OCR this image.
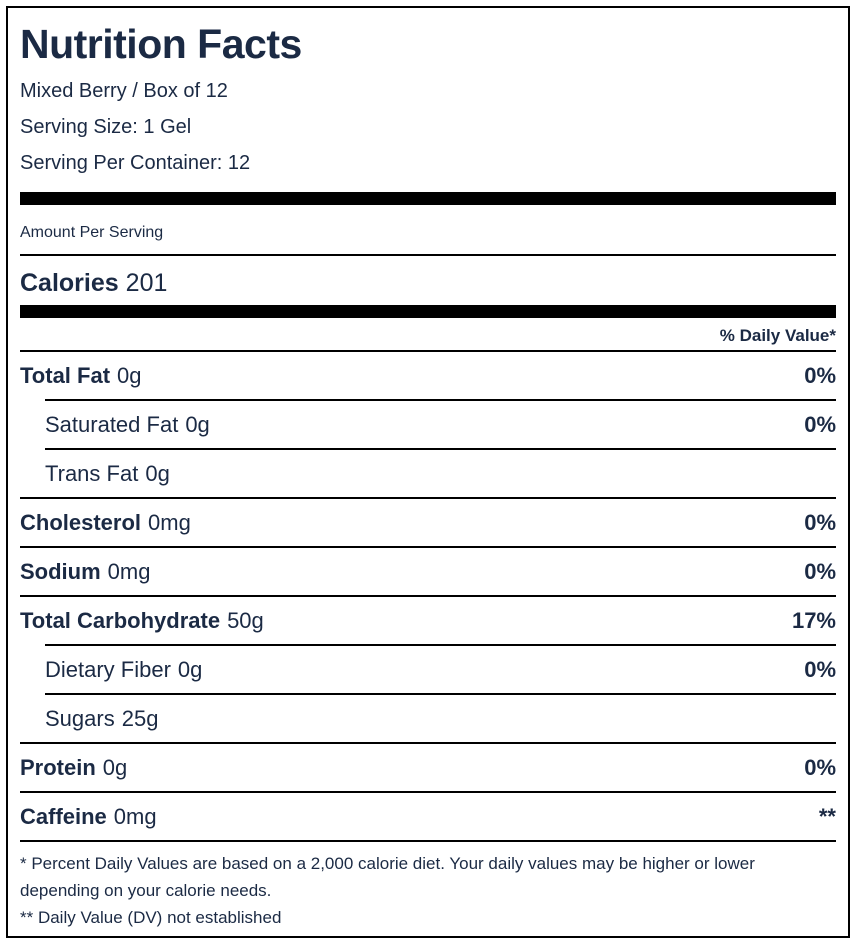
Nutrition Facts
Mixed Berry / Box of 12
Serving Size: 1 Gel
Serving Per Container: 12
Amount Per Serving
Calories 201
% Daily Value*
Total Fat 0g	0%
Saturated Fat 0g	0%
Trans Fat 0g
Cholesterol 0mg	0%
Sodium 0mg	0%
Total Carbohydrate 50g	17%
Dietary Fiber 0g	0%
Sugars 25g
Protein 0g	0%
Caffeine 0mg	**

* Percent Daily Values are based on a 2,000 calorie diet. Your daily values may be higher or lower depending on your calorie needs.

** Daily Value (DV) not established
